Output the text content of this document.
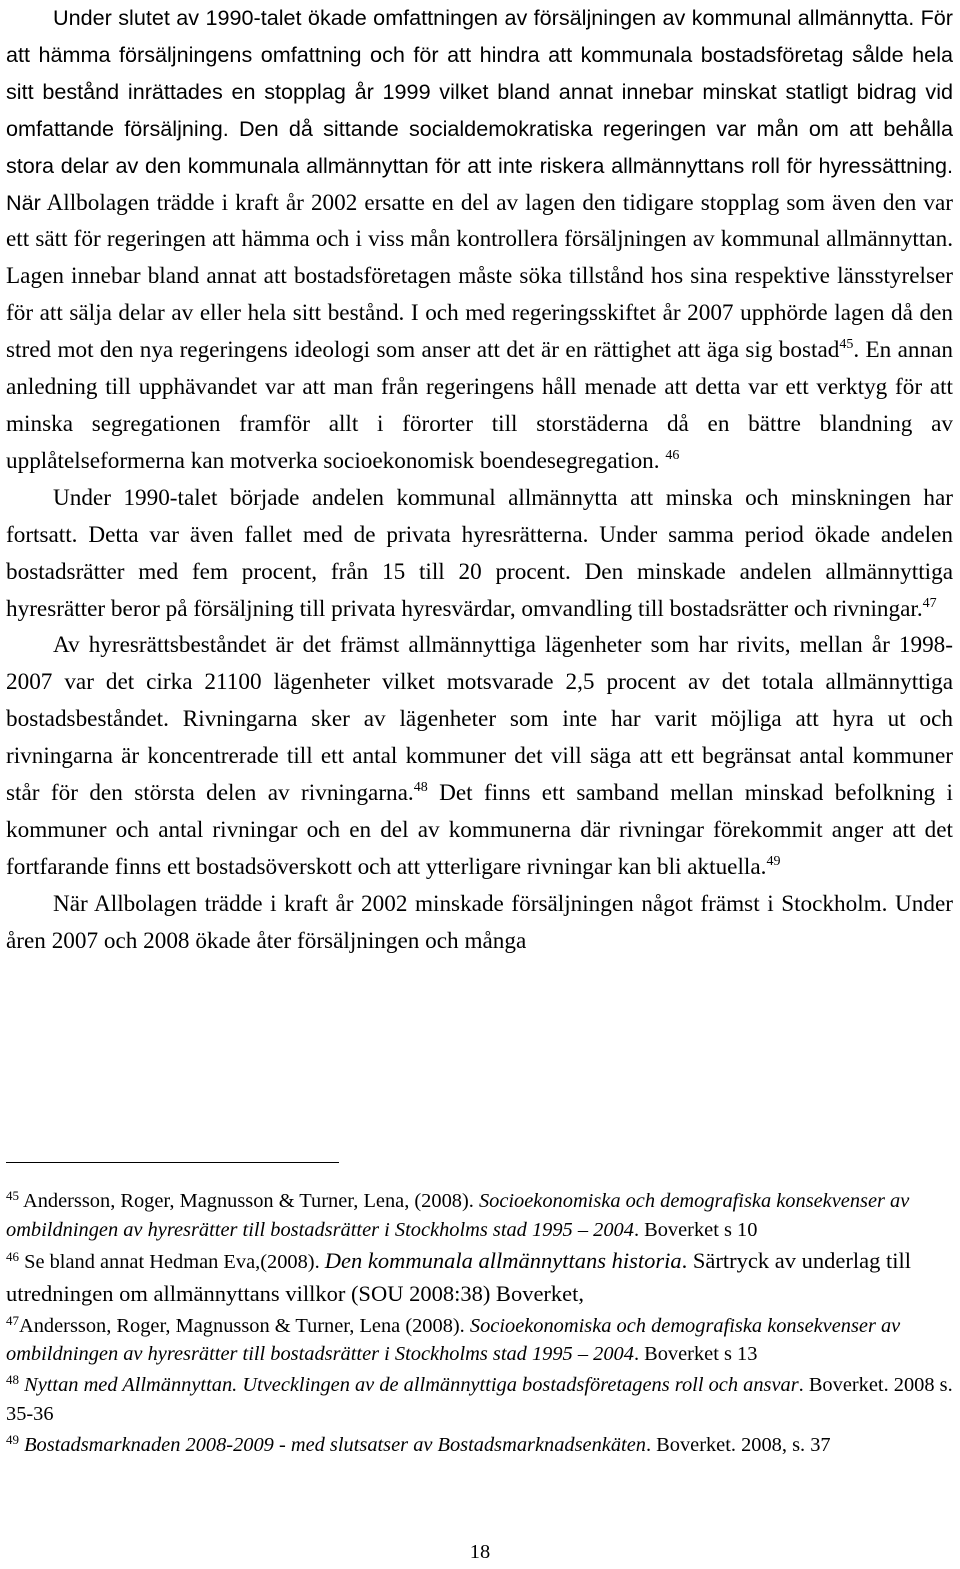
Under slutet av 1990-talet ökade omfattningen av försäljningen av kommunal allmännytta. För att hämma försäljningens omfattning och för att hindra att kommunala bostadsföretag sålde hela sitt bestånd inrättades en stopplag år 1999 vilket bland annat innebar minskat statligt bidrag vid omfattande försäljning. Den då sittande socialdemokratiska regeringen var mån om att behålla stora delar av den kommunala allmännyttan för att inte riskera allmännyttans roll för hyressättning. När Allbolagen trädde i kraft år 2002 ersatte en del av lagen den tidigare stopplag som även den var ett sätt för regeringen att hämma och i viss mån kontrollera försäljningen av kommunal allmännyttan. Lagen innebar bland annat att bostadsföretagen måste söka tillstånd hos sina respektive länsstyrelser för att sälja delar av eller hela sitt bestånd. I och med regeringsskiftet år 2007 upphörde lagen då den stred mot den nya regeringens ideologi som anser att det är en rättighet att äga sig bostad$^{45}$. En annan anledning till upphävandet var att man från regeringens håll menade att detta var ett verktyg för att minska segregationen framför allt i förorter till storstäderna då en bättre blandning av upplåtelseformerna kan motverka socioekonomisk boendesegregation. $^{46}$

Under 1990-talet började andelen kommunal allmännytta att minska och minskningen har fortsatt. Detta var även fallet med de privata hyresrätterna. Under samma period ökade andelen bostadsrätter med fem procent, från 15 till 20 procent. Den minskade andelen allmännyttiga hyresrätter beror på försäljning till privata hyresvärdar, omvandling till bostadsrätter och rivningar.$^{47}$

Av hyresrättsbeståndet är det främst allmännyttiga lägenheter som har rivits, mellan år 1998-2007 var det cirka 21100 lägenheter vilket motsvarade 2,5 procent av det totala allmännyttiga bostadsbeståndet. Rivningarna sker av lägenheter som inte har varit möjliga att hyra ut och rivningarna är koncentrerade till ett antal kommuner det vill säga att ett begränsat antal kommuner står för den största delen av rivningarna.$^{48}$ Det finns ett samband mellan minskad befolkning i kommuner och antal rivningar och en del av kommunerna där rivningar förekommit anger att det fortfarande finns ett bostadsöverskott och att ytterligare rivningar kan bli aktuella.$^{49}$

När Allbolagen trädde i kraft år 2002 minskade försäljningen något främst i Stockholm. Under åren 2007 och 2008 ökade åter försäljningen och många

$^{45}$ Andersson, Roger, Magnusson & Turner, Lena, (2008). Socioekonomiska och demografiska konsekvenser av ombildningen av hyresrätter till bostadsrätter i Stockholms stad 1995 – 2004. Boverket s 10

$^{46}$ Se bland annat Hedman Eva,(2008). Den kommunala allmännyttans historia. Särtryck av underlag till utredningen om allmännyttans villkor (SOU 2008:38) Boverket,

$^{47}$Andersson, Roger, Magnusson & Turner, Lena (2008). Socioekonomiska och demografiska konsekvenser av ombildningen av hyresrätter till bostadsrätter i Stockholms stad 1995 – 2004. Boverket s 13

$^{48}$ Nyttan med Allmännyttan. Utvecklingen av de allmännyttiga bostadsföretagens roll och ansvar. Boverket. 2008 s. 35-36

$^{49}$ Bostadsmarknaden 2008-2009 - med slutsatser av Bostadsmarknadsenkäten. Boverket. 2008, s. 37

18
